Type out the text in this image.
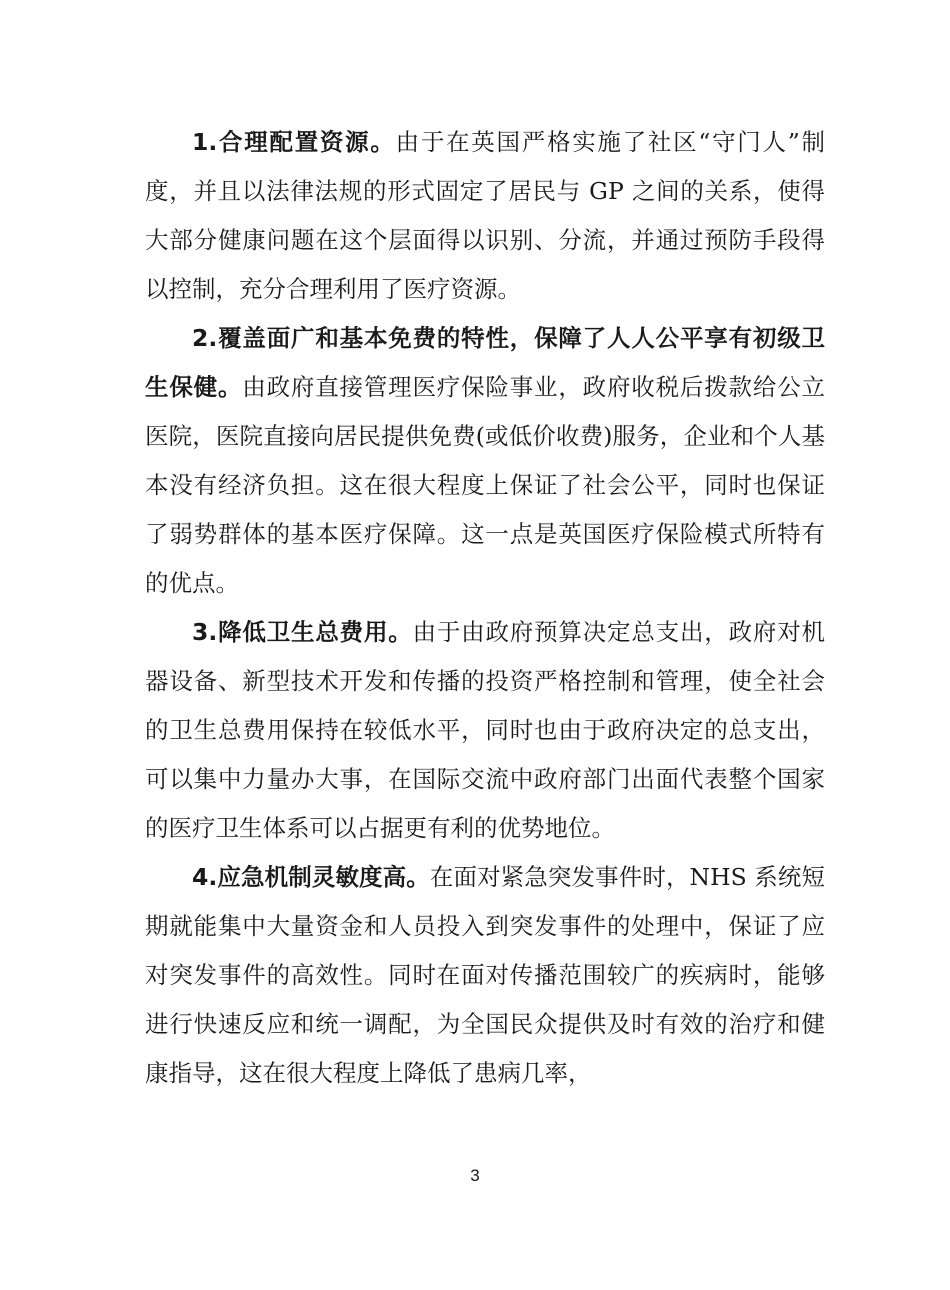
1.合理配置资源。由于在英国严格实施了社区“守门人”制度，并且以法律法规的形式固定了居民与 GP 之间的关系，使得大部分健康问题在这个层面得以识别、分流，并通过预防手段得以控制，充分合理利用了医疗资源。

2.覆盖面广和基本免费的特性，保障了人人公平享有初级卫生保健。由政府直接管理医疗保险事业，政府收税后拨款给公立医院，医院直接向居民提供免费(或低价收费)服务，企业和个人基本没有经济负担。这在很大程度上保证了社会公平，同时也保证了弱势群体的基本医疗保障。这一点是英国医疗保险模式所特有的优点。

3.降低卫生总费用。由于由政府预算决定总支出，政府对机器设备、新型技术开发和传播的投资严格控制和管理，使全社会的卫生总费用保持在较低水平，同时也由于政府决定的总支出，可以集中力量办大事，在国际交流中政府部门出面代表整个国家的医疗卫生体系可以占据更有利的优势地位。

4.应急机制灵敏度高。在面对紧急突发事件时，NHS 系统短期就能集中大量资金和人员投入到突发事件的处理中，保证了应对突发事件的高效性。同时在面对传播范围较广的疾病时，能够进行快速反应和统一调配，为全国民众提供及时有效的治疗和健康指导，这在很大程度上降低了患病几率，

3
